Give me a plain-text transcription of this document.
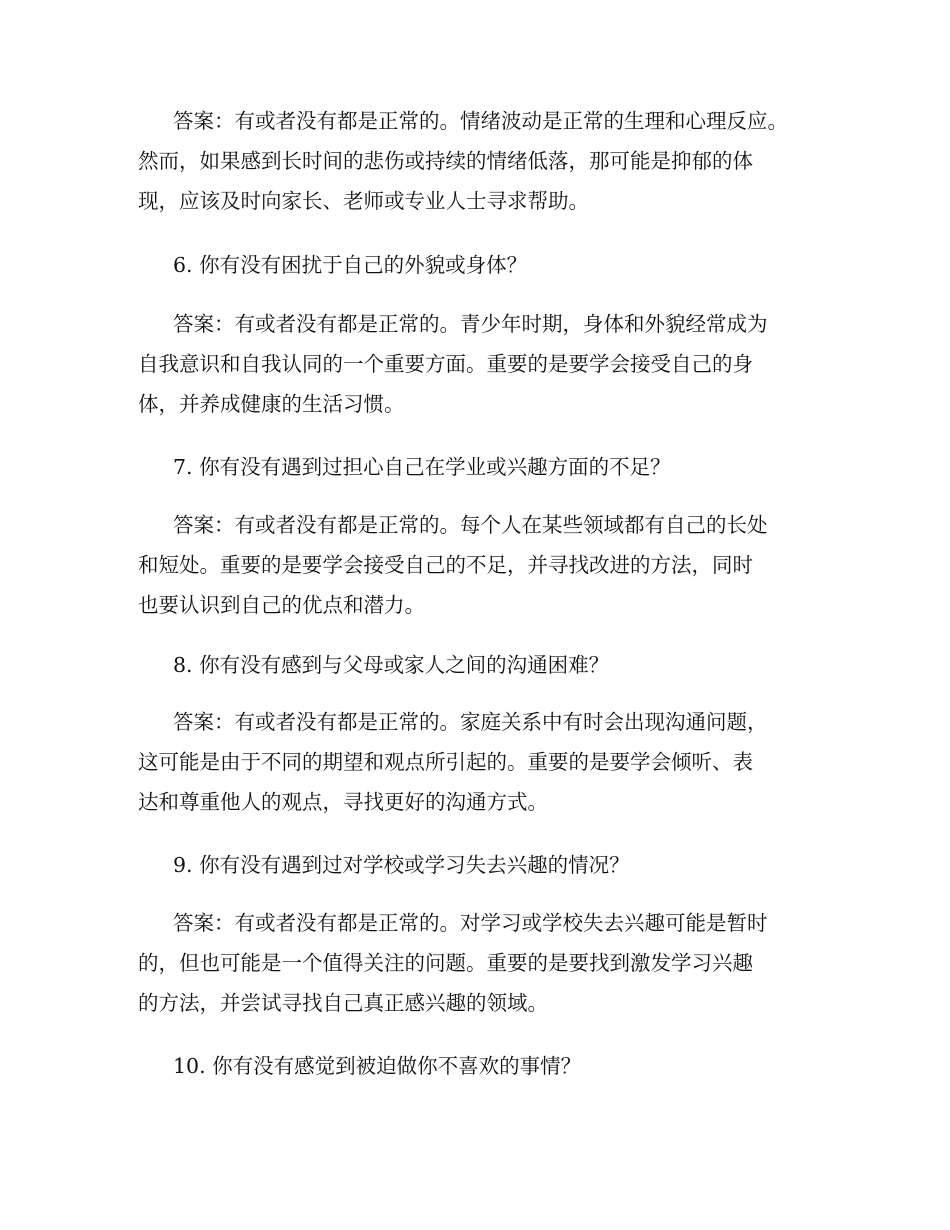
答案：有或者没有都是正常的。情绪波动是正常的生理和心理反应。
然而，如果感到长时间的悲伤或持续的情绪低落，那可能是抑郁的体
现，应该及时向家长、老师或专业人士寻求帮助。

6. 你有没有困扰于自己的外貌或身体？

答案：有或者没有都是正常的。青少年时期，身体和外貌经常成为
自我意识和自我认同的一个重要方面。重要的是要学会接受自己的身
体，并养成健康的生活习惯。

7. 你有没有遇到过担心自己在学业或兴趣方面的不足？

答案：有或者没有都是正常的。每个人在某些领域都有自己的长处
和短处。重要的是要学会接受自己的不足，并寻找改进的方法，同时
也要认识到自己的优点和潜力。

8. 你有没有感到与父母或家人之间的沟通困难？

答案：有或者没有都是正常的。家庭关系中有时会出现沟通问题，
这可能是由于不同的期望和观点所引起的。重要的是要学会倾听、表
达和尊重他人的观点，寻找更好的沟通方式。

9. 你有没有遇到过对学校或学习失去兴趣的情况？

答案：有或者没有都是正常的。对学习或学校失去兴趣可能是暂时
的，但也可能是一个值得关注的问题。重要的是要找到激发学习兴趣
的方法，并尝试寻找自己真正感兴趣的领域。

10. 你有没有感觉到被迫做你不喜欢的事情？
